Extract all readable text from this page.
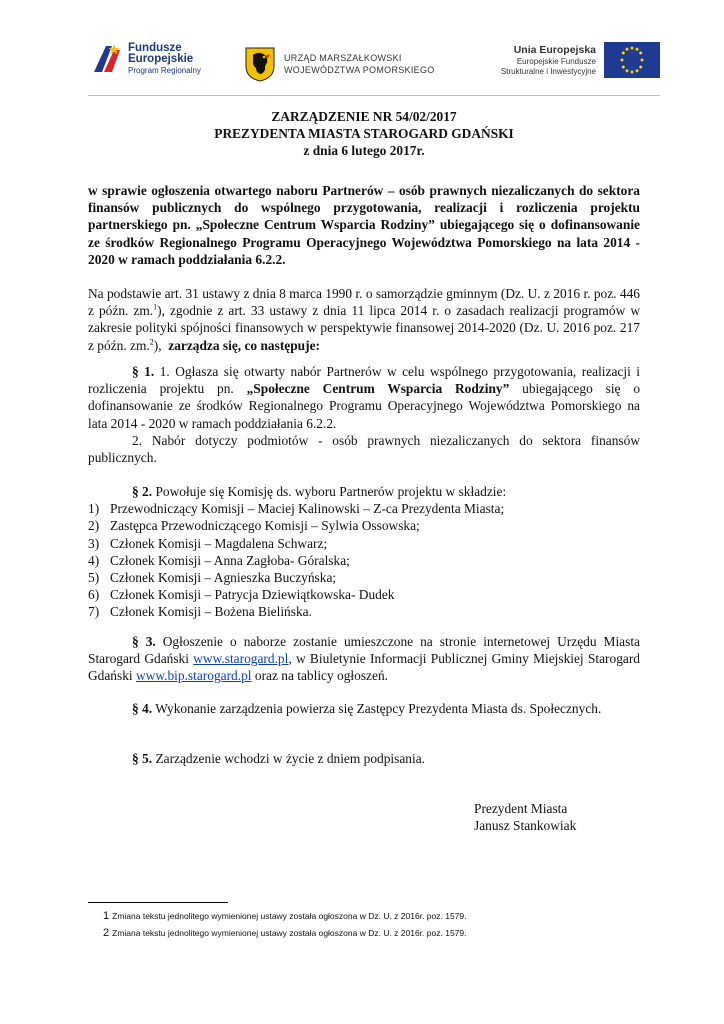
Fundusze
Europejskie
Program Regionalny
URZĄD MARSZAŁKOWSKI
WOJEWÓDZTWA POMORSKIEGO
Unia Europejska
Europejskie Fundusze
Strukturalne i Inwestycyjne
ZARZĄDZENIE NR 54/02/2017
PREZYDENTA MIASTA STAROGARD GDAŃSKI
z dnia 6 lutego 2017r.
w sprawie ogłoszenia otwartego naboru Partnerów – osób prawnych niezaliczanych do sektora finansów publicznych do wspólnego przygotowania, realizacji i rozliczenia projektu partnerskiego pn. „Społeczne Centrum Wsparcia Rodziny” ubiegającego się o dofinansowanie ze środków Regionalnego Programu Operacyjnego Województwa Pomorskiego na lata 2014 - 2020 w ramach poddziałania 6.2.2.
Na podstawie art. 31 ustawy z dnia 8 marca 1990 r. o samorządzie gminnym (Dz. U. z 2016 r. poz. 446 z późn. zm.$^1$), zgodnie z art. 33 ustawy z dnia 11 lipca 2014 r. o zasadach realizacji programów w zakresie polityki spójności finansowych w perspektywie finansowej 2014-2020 (Dz. U. 2016 poz. 217 z późn. zm.$^2$), zarządza się, co następuje:
§ 1. 1. Ogłasza się otwarty nabór Partnerów w celu wspólnego przygotowania, realizacji i rozliczenia projektu pn. „Społeczne Centrum Wsparcia Rodziny” ubiegającego się o dofinansowanie ze środków Regionalnego Programu Operacyjnego Województwa Pomorskiego na lata 2014 - 2020 w ramach poddziałania 6.2.2.
2. Nabór dotyczy podmiotów - osób prawnych niezaliczanych do sektora finansów publicznych.
§ 2. Powołuje się Komisję ds. wyboru Partnerów projektu w składzie:
1) Przewodniczący Komisji – Maciej Kalinowski – Z-ca Prezydenta Miasta;
2) Zastępca Przewodniczącego Komisji – Sylwia Ossowska;
3) Członek Komisji – Magdalena Schwarz;
4) Członek Komisji – Anna Zagłoba- Góralska;
5) Członek Komisji – Agnieszka Buczyńska;
6) Członek Komisji – Patrycja Dziewiątkowska- Dudek
7) Członek Komisji – Bożena Bielińska.
§ 3. Ogłoszenie o naborze zostanie umieszczone na stronie internetowej Urzędu Miasta Starogard Gdański www.starogard.pl, w Biuletynie Informacji Publicznej Gminy Miejskiej Starogard Gdański www.bip.starogard.pl oraz na tablicy ogłoszeń.
§ 4. Wykonanie zarządzenia powierza się Zastępcy Prezydenta Miasta ds. Społecznych.
§ 5. Zarządzenie wchodzi w życie z dniem podpisania.
Prezydent Miasta
Janusz Stankowiak
1 Zmiana tekstu jednolitego wymienionej ustawy została ogłoszona w Dz. U. z 2016r. poz. 1579.
2 Zmiana tekstu jednolitego wymienionej ustawy została ogłoszona w Dz. U. z 2016r. poz. 1579.
